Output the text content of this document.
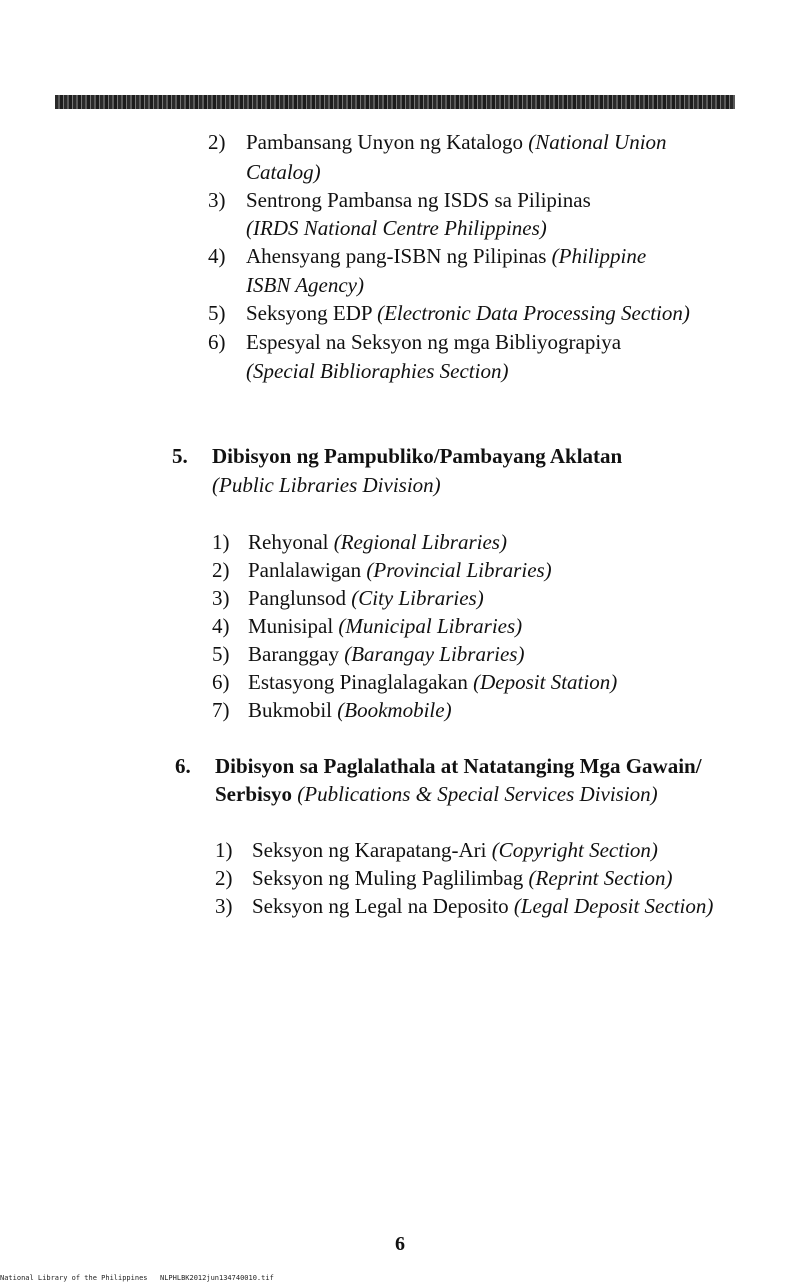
2) Pambansang Unyon ng Katalogo (National Union
Catalog)
3) Sentrong Pambansa ng ISDS sa Pilipinas
(IRDS National Centre Philippines)
4) Ahensyang pang-ISBN ng Pilipinas (Philippine
ISBN Agency)
5) Seksyong EDP (Electronic Data Processing Section)
6) Espesyal na Seksyon ng mga Bibliyograpiya
(Special Bibliorаphies Section)
5. Dibisyon ng Pampubliko/Pambayang Aklatan
(Public Libraries Division)
1) Rehyonal (Regional Libraries)
2) Panlalawigan (Provincial Libraries)
3) Panglunsod (City Libraries)
4) Munisipal (Municipal Libraries)
5) Baranggay (Barangay Libraries)
6) Estasyong Pinaglalagakan (Deposit Station)
7) Bukmobil (Bookmobile)
6. Dibisyon sa Paglalathala at Natatanging Mga Gawain/
Serbisyo (Publications & Special Services Division)
1) Seksyon ng Karapatang-Ari (Copyright Section)
2) Seksyon ng Muling Paglilimbag (Reprint Section)
3) Seksyon ng Legal na Deposito (Legal Deposit Section)
6
National Library of the Philippines NLPHLBK2012jun134740010.tif
